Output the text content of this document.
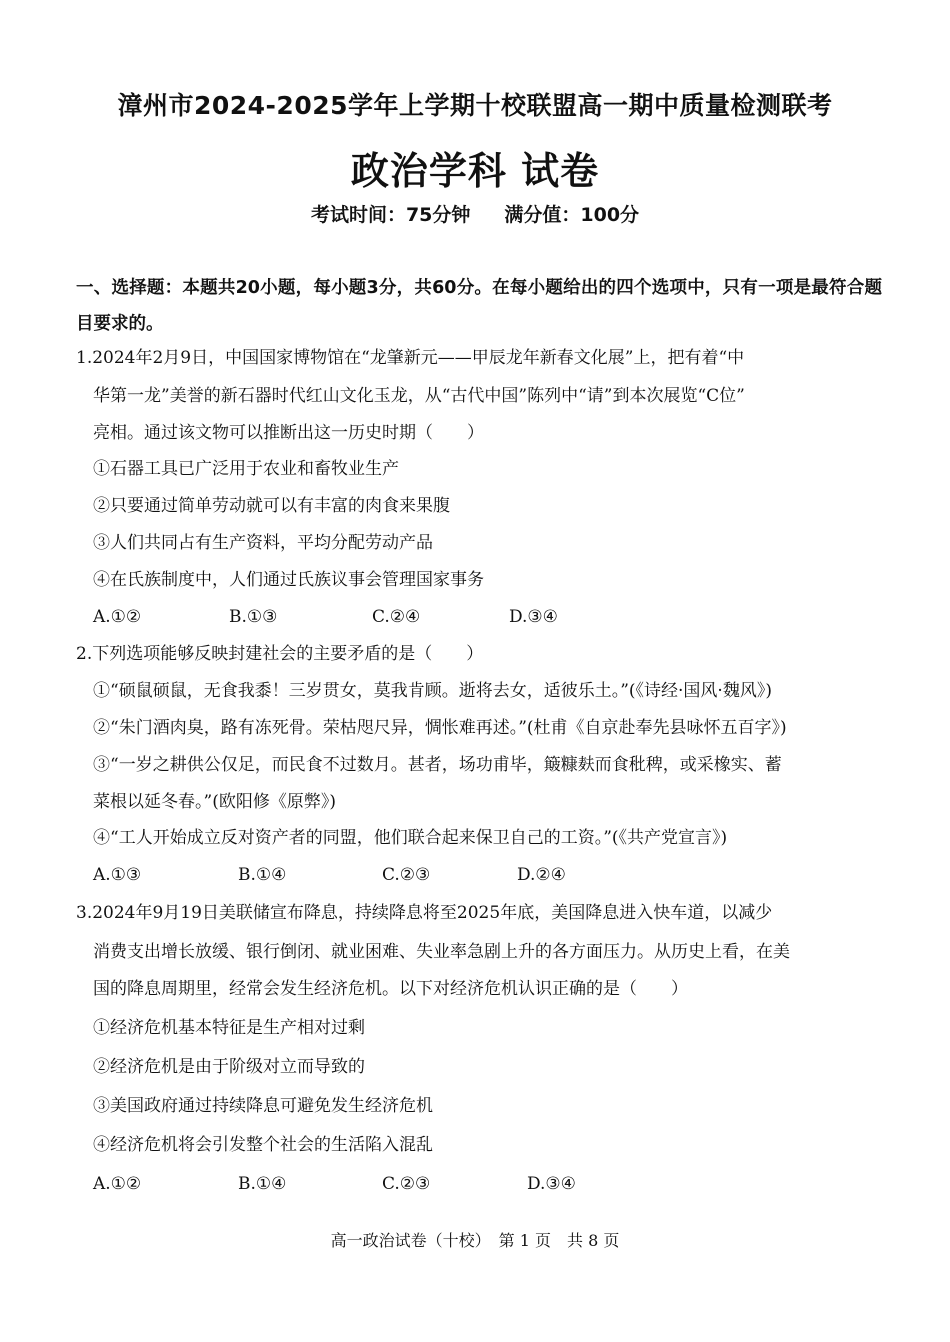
漳州市2024-2025学年上学期十校联盟高一期中质量检测联考
政治学科 试卷
考试时间：75分钟 满分值：100分
一、选择题：本题共20小题，每小题3分，共60分。在每小题给出的四个选项中，只有一项是最符合题目要求的。
1.2024年2月9日，中国国家博物馆在“龙肇新元——甲辰龙年新春文化展”上，把有着“中
华第一龙”美誉的新石器时代红山文化玉龙，从“古代中国”陈列中“请”到本次展览“C位”
亮相。通过该文物可以推断出这一历史时期（　　）
①石器工具已广泛用于农业和畜牧业生产
②只要通过简单劳动就可以有丰富的肉食来果腹
③人们共同占有生产资料，平均分配劳动产品
④在氏族制度中，人们通过氏族议事会管理国家事务
A.①②	B.①③	C.②④	D.③④
2.下列选项能够反映封建社会的主要矛盾的是（　　）
①“硕鼠硕鼠，无食我黍！三岁贯女，莫我肯顾。逝将去女，适彼乐土。”(《诗经·国风·魏风》)
②“朱门酒肉臭，路有冻死骨。荣枯咫尺异，惆怅难再述。”(杜甫《自京赴奉先县咏怀五百字》)
③“一岁之耕供公仅足，而民食不过数月。甚者，场功甫毕，簸糠麸而食秕稗，或采橡实、蓄
菜根以延冬春。”(欧阳修《原弊》)
④“工人开始成立反对资产者的同盟，他们联合起来保卫自己的工资。”(《共产党宣言》)
A.①③	B.①④	C.②③	D.②④
3.2024年9月19日美联储宣布降息，持续降息将至2025年底，美国降息进入快车道，以减少
消费支出增长放缓、银行倒闭、就业困难、失业率急剧上升的各方面压力。从历史上看，在美
国的降息周期里，经常会发生经济危机。以下对经济危机认识正确的是（　　）
①经济危机基本特征是生产相对过剩
②经济危机是由于阶级对立而导致的
③美国政府通过持续降息可避免发生经济危机
④经济危机将会引发整个社会的生活陷入混乱
A.①②	B.①④	C.②③	D.③④
高一政治试卷（十校）　第 1 页　共 8 页
